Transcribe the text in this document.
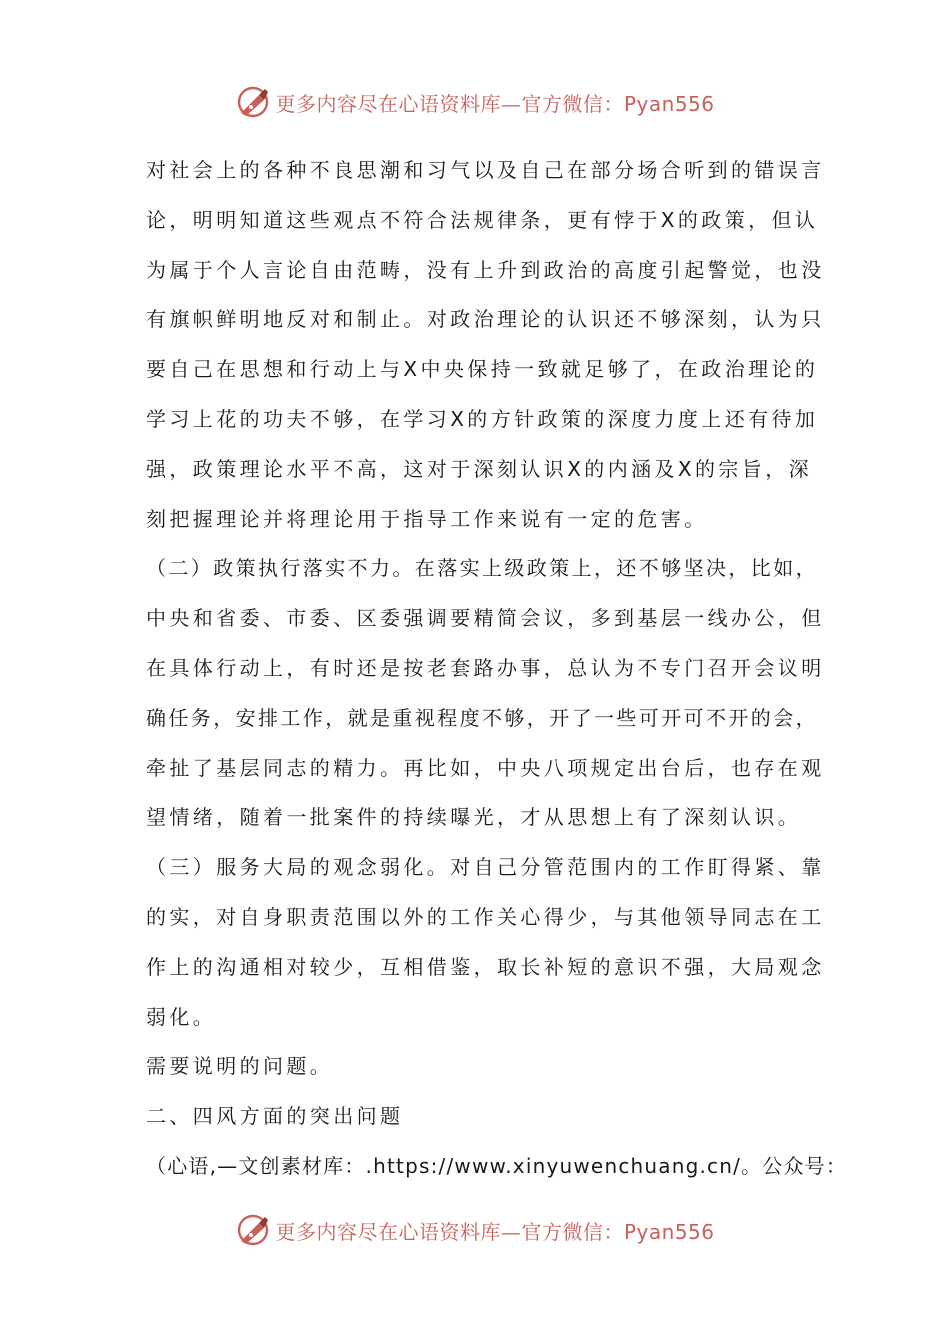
更多内容尽在心语资料库—官方微信：Pyan556
对社会上的各种不良思潮和习气以及自己在部分场合听到的错误言
论，明明知道这些观点不符合法规律条，更有悖于X的政策，但认
为属于个人言论自由范畴，没有上升到政治的高度引起警觉，也没
有旗帜鲜明地反对和制止。对政治理论的认识还不够深刻，认为只
要自己在思想和行动上与X中央保持一致就足够了，在政治理论的
学习上花的功夫不够，在学习X的方针政策的深度力度上还有待加
强，政策理论水平不高，这对于深刻认识X的内涵及X的宗旨，深
刻把握理论并将理论用于指导工作来说有一定的危害。
（二）政策执行落实不力。在落实上级政策上，还不够坚决，比如，
中央和省委、市委、区委强调要精简会议，多到基层一线办公，但
在具体行动上，有时还是按老套路办事，总认为不专门召开会议明
确任务，安排工作，就是重视程度不够，开了一些可开可不开的会，
牵扯了基层同志的精力。再比如，中央八项规定出台后，也存在观
望情绪，随着一批案件的持续曝光，才从思想上有了深刻认识。
（三）服务大局的观念弱化。对自己分管范围内的工作盯得紧、靠
的实，对自身职责范围以外的工作关心得少，与其他领导同志在工
作上的沟通相对较少，互相借鉴，取长补短的意识不强，大局观念
弱化。
需要说明的问题。
二、四风方面的突出问题
（心语,—文创素材库：.https://www.xinyuwenchuang.cn/。公众号：
更多内容尽在心语资料库—官方微信：Pyan556
